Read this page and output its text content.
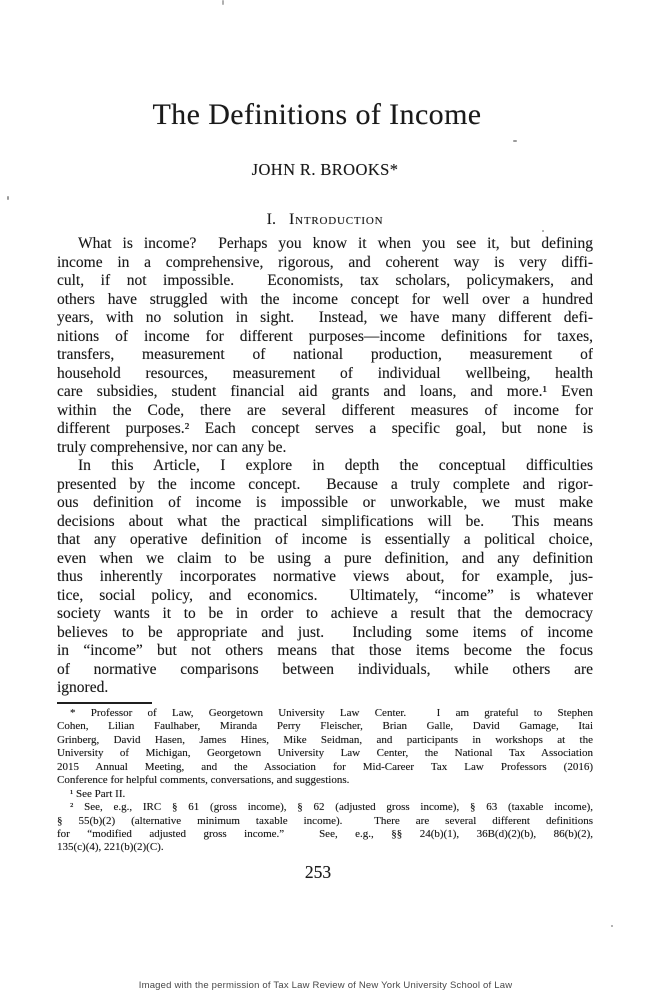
The Definitions of Income
JOHN R. BROOKS*
I. Introduction
What is income?  Perhaps you know it when you see it, but defining
income in a comprehensive, rigorous, and coherent way is very diffi-
cult, if not impossible.  Economists, tax scholars, policymakers, and
others have struggled with the income concept for well over a hundred
years, with no solution in sight.  Instead, we have many different defi-
nitions of income for different purposes—income definitions for taxes,
transfers, measurement of national production, measurement of
household resources, measurement of individual wellbeing, health
care subsidies, student financial aid grants and loans, and more.¹ Even
within the Code, there are several different measures of income for
different purposes.² Each concept serves a specific goal, but none is
truly comprehensive, nor can any be.
In this Article, I explore in depth the conceptual difficulties
presented by the income concept.  Because a truly complete and rigor-
ous definition of income is impossible or unworkable, we must make
decisions about what the practical simplifications will be.  This means
that any operative definition of income is essentially a political choice,
even when we claim to be using a pure definition, and any definition
thus inherently incorporates normative views about, for example, jus-
tice, social policy, and economics.  Ultimately, “income” is whatever
society wants it to be in order to achieve a result that the democracy
believes to be appropriate and just.  Including some items of income
in “income” but not others means that those items become the focus
of normative comparisons between individuals, while others are
ignored.
* Professor of Law, Georgetown University Law Center.  I am grateful to Stephen
Cohen, Lilian Faulhaber, Miranda Perry Fleischer, Brian Galle, David Gamage, Itai
Grinberg, David Hasen, James Hines, Mike Seidman, and participants in workshops at the
University of Michigan, Georgetown University Law Center, the National Tax Association
2015 Annual Meeting, and the Association for Mid-Career Tax Law Professors (2016)
Conference for helpful comments, conversations, and suggestions.
¹ See Part II.
² See, e.g., IRC § 61 (gross income), § 62 (adjusted gross income), § 63 (taxable income),
§ 55(b)(2) (alternative minimum taxable income).  There are several different definitions
for “modified adjusted gross income.”  See, e.g., §§ 24(b)(1), 36B(d)(2)(b), 86(b)(2),
135(c)(4), 221(b)(2)(C).
253
Imaged with the permission of Tax Law Review of New York University School of Law
